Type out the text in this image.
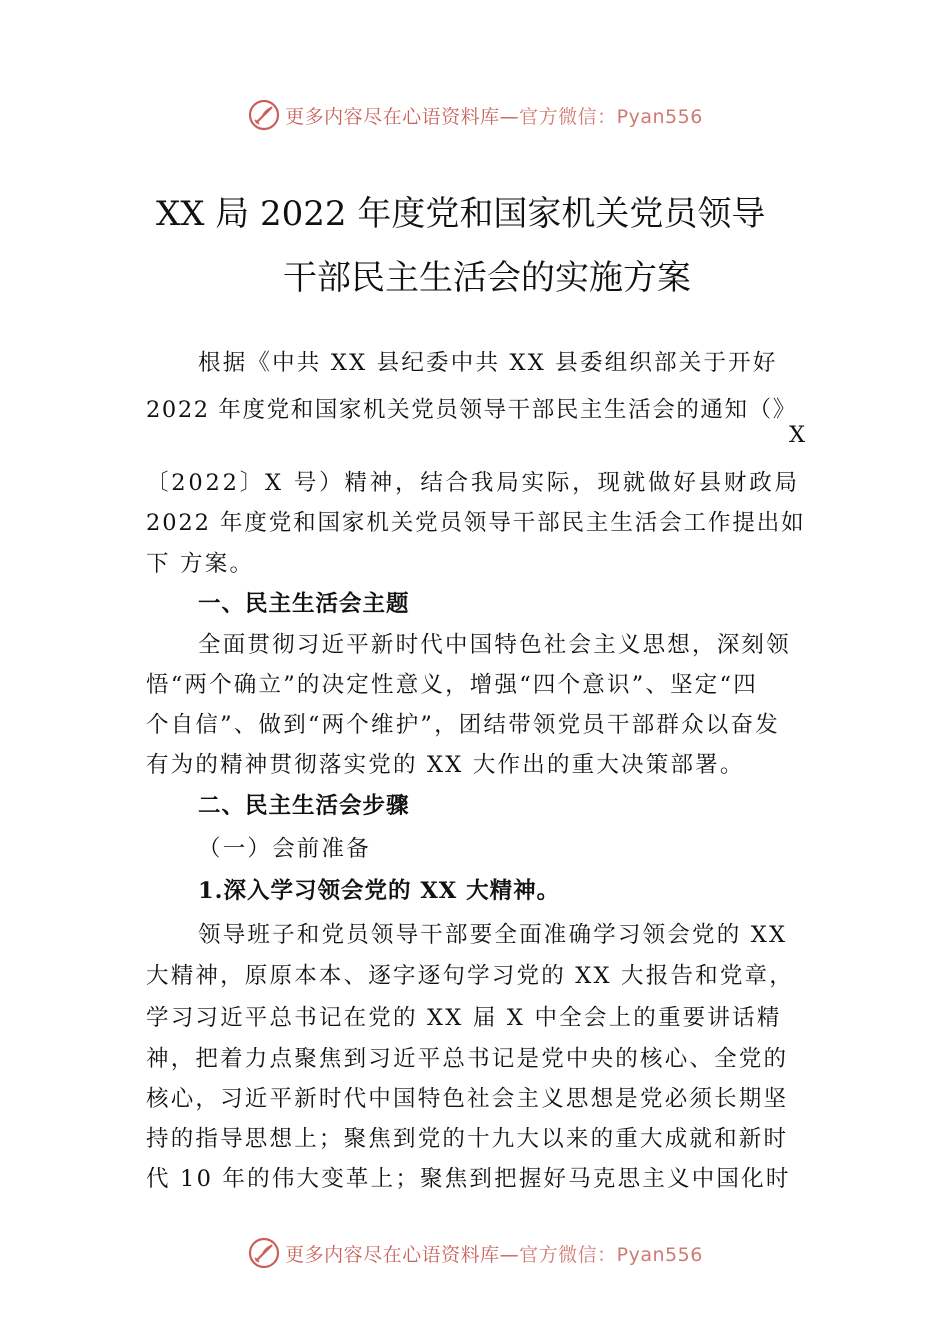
更多内容尽在心语资料库—官方微信：Pyan556
XX 局 2022 年度党和国家机关党员领导
干部民主生活会的实施方案
根据《中共 XX 县纪委中共 XX 县委组织部关于开好
2022 年度党和国家机关党员领导干部民主生活会的通知（》
X
〔2022〕X 号）精神，结合我局实际，现就做好县财政局
2022 年度党和国家机关党员领导干部民主生活会工作提出如
下 方案。
一、民主生活会主题
全面贯彻习近平新时代中国特色社会主义思想，深刻领
悟“两个确立”的决定性意义，增强“四个意识”、坚定“四
个自信”、做到“两个维护”，团结带领党员干部群众以奋发
有为的精神贯彻落实党的 XX 大作出的重大决策部署。
二、民主生活会步骤
（一）会前准备
1.深入学习领会党的 XX 大精神。
领导班子和党员领导干部要全面准确学习领会党的 XX
大精神，原原本本、逐字逐句学习党的 XX 大报告和党章，
学习习近平总书记在党的 XX 届 X 中全会上的重要讲话精
神，把着力点聚焦到习近平总书记是党中央的核心、全党的
核心，习近平新时代中国特色社会主义思想是党必须长期坚
持的指导思想上；聚焦到党的十九大以来的重大成就和新时
代 10 年的伟大变革上；聚焦到把握好马克思主义中国化时
更多内容尽在心语资料库—官方微信：Pyan556
